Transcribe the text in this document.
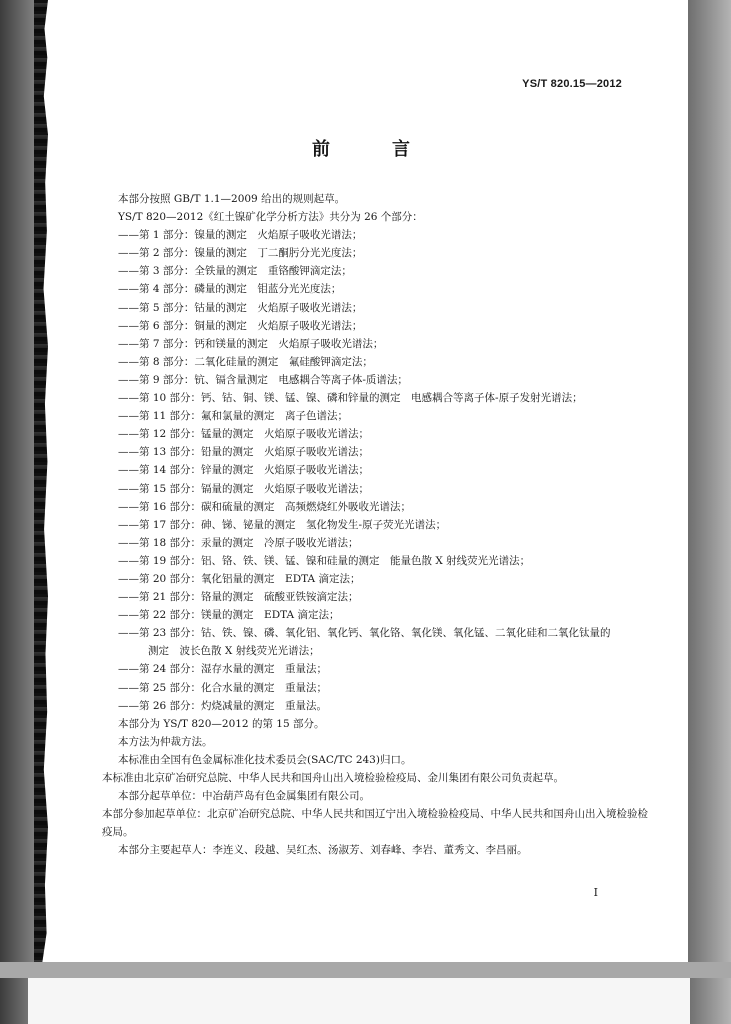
YS/T 820.15—2012
前　言
本部分按照 GB/T 1.1—2009 给出的规则起草。
YS/T 820—2012《红土镍矿化学分析方法》共分为 26 个部分：
——第 1 部分：镍量的测定　火焰原子吸收光谱法；
——第 2 部分：镍量的测定　丁二酮肟分光光度法；
——第 3 部分：全铁量的测定　重铬酸钾滴定法；
——第 4 部分：磷量的测定　钼蓝分光光度法；
——第 5 部分：钴量的测定　火焰原子吸收光谱法；
——第 6 部分：铜量的测定　火焰原子吸收光谱法；
——第 7 部分：钙和镁量的测定　火焰原子吸收光谱法；
——第 8 部分：二氧化硅量的测定　氟硅酸钾滴定法；
——第 9 部分：钪、镉含量测定　电感耦合等离子体-质谱法；
——第 10 部分：钙、钴、铜、镁、锰、镍、磷和锌量的测定　电感耦合等离子体-原子发射光谱法；
——第 11 部分：氟和氯量的测定　离子色谱法；
——第 12 部分：锰量的测定　火焰原子吸收光谱法；
——第 13 部分：铅量的测定　火焰原子吸收光谱法；
——第 14 部分：锌量的测定　火焰原子吸收光谱法；
——第 15 部分：镉量的测定　火焰原子吸收光谱法；
——第 16 部分：碳和硫量的测定　高频燃烧红外吸收光谱法；
——第 17 部分：砷、锑、铋量的测定　氢化物发生-原子荧光光谱法；
——第 18 部分：汞量的测定　冷原子吸收光谱法；
——第 19 部分：铝、铬、铁、镁、锰、镍和硅量的测定　能量色散 X 射线荧光光谱法；
——第 20 部分：氧化铝量的测定　EDTA 滴定法；
——第 21 部分：铬量的测定　硫酸亚铁铵滴定法；
——第 22 部分：镁量的测定　EDTA 滴定法；
——第 23 部分：钴、铁、镍、磷、氧化铝、氧化钙、氧化铬、氧化镁、氧化锰、二氧化硅和二氧化钛量的
测定　波长色散 X 射线荧光光谱法；
——第 24 部分：湿存水量的测定　重量法；
——第 25 部分：化合水量的测定　重量法；
——第 26 部分：灼烧减量的测定　重量法。
本部分为 YS/T 820—2012 的第 15 部分。
本方法为仲裁方法。
本标准由全国有色金属标准化技术委员会(SAC/TC 243)归口。
本标准由北京矿冶研究总院、中华人民共和国舟山出入境检验检疫局、金川集团有限公司负责起草。
本部分起草单位：中冶葫芦岛有色金属集团有限公司。
本部分参加起草单位：北京矿冶研究总院、中华人民共和国辽宁出入境检验检疫局、中华人民共和国舟山出入境检验检疫局。
本部分主要起草人：李连义、段越、吴红杰、汤淑芳、刘春峰、李岩、董秀文、李昌丽。
I
